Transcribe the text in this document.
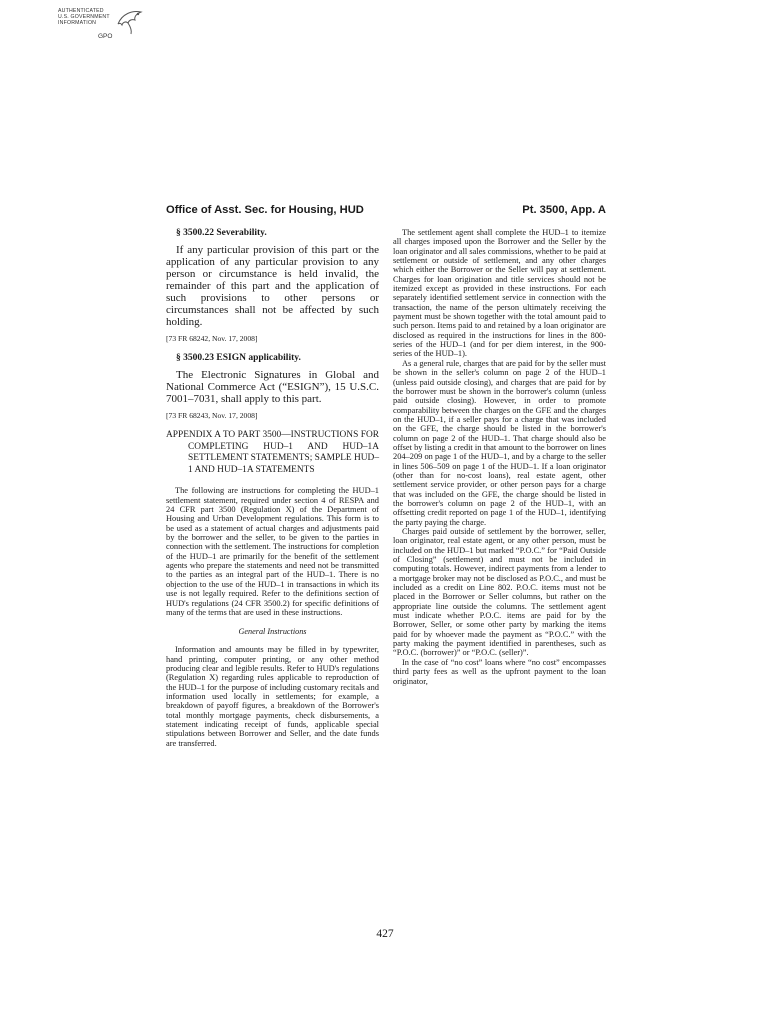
AUTHENTICATED
U.S. GOVERNMENT
INFORMATION
GPO
Office of Asst. Sec. for Housing, HUD	Pt. 3500, App. A

§ 3500.22 Severability.

If any particular provision of this part or the application of any particular provision to any person or circumstance is held invalid, the remainder of this part and the application of such provisions to other persons or circumstances shall not be affected by such holding.

[73 FR 68242, Nov. 17, 2008]

§ 3500.23 ESIGN applicability.

The Electronic Signatures in Global and National Commerce Act (“ESIGN”), 15 U.S.C. 7001–7031, shall apply to this part.

[73 FR 68243, Nov. 17, 2008]

APPENDIX A TO PART 3500—INSTRUCTIONS FOR COMPLETING HUD–1 AND HUD–1A SETTLEMENT STATEMENTS; SAMPLE HUD–1 AND HUD–1A STATEMENTS

The following are instructions for completing the HUD–1 settlement statement, required under section 4 of RESPA and 24 CFR part 3500 (Regulation X) of the Department of Housing and Urban Development regulations. This form is to be used as a statement of actual charges and adjustments paid by the borrower and the seller, to be given to the parties in connection with the settlement. The instructions for completion of the HUD–1 are primarily for the benefit of the settlement agents who prepare the statements and need not be transmitted to the parties as an integral part of the HUD–1. There is no objection to the use of the HUD–1 in transactions in which its use is not legally required. Refer to the definitions section of HUD's regulations (24 CFR 3500.2) for specific definitions of many of the terms that are used in these instructions.

General Instructions

Information and amounts may be filled in by typewriter, hand printing, computer printing, or any other method producing clear and legible results. Refer to HUD's regulations (Regulation X) regarding rules applicable to reproduction of the HUD–1 for the purpose of including customary recitals and information used locally in settlements; for example, a breakdown of payoff figures, a breakdown of the Borrower's total monthly mortgage payments, check disbursements, a statement indicating receipt of funds, applicable special stipulations between Borrower and Seller, and the date funds are transferred.

The settlement agent shall complete the HUD–1 to itemize all charges imposed upon the Borrower and the Seller by the loan originator and all sales commissions, whether to be paid at settlement or outside of settlement, and any other charges which either the Borrower or the Seller will pay at settlement. Charges for loan origination and title services should not be itemized except as provided in these instructions. For each separately identified settlement service in connection with the transaction, the name of the person ultimately receiving the payment must be shown together with the total amount paid to such person. Items paid to and retained by a loan originator are disclosed as required in the instructions for lines in the 800-series of the HUD–1 (and for per diem interest, in the 900-series of the HUD–1).

As a general rule, charges that are paid for by the seller must be shown in the seller's column on page 2 of the HUD–1 (unless paid outside closing), and charges that are paid for by the borrower must be shown in the borrower's column (unless paid outside closing). However, in order to promote comparability between the charges on the GFE and the charges on the HUD–1, if a seller pays for a charge that was included on the GFE, the charge should be listed in the borrower's column on page 2 of the HUD–1. That charge should also be offset by listing a credit in that amount to the borrower on lines 204–209 on page 1 of the HUD–1, and by a charge to the seller in lines 506–509 on page 1 of the HUD–1. If a loan originator (other than for no-cost loans), real estate agent, other settlement service provider, or other person pays for a charge that was included on the GFE, the charge should be listed in the borrower's column on page 2 of the HUD–1, with an offsetting credit reported on page 1 of the HUD–1, identifying the party paying the charge.

Charges paid outside of settlement by the borrower, seller, loan originator, real estate agent, or any other person, must be included on the HUD–1 but marked “P.O.C.” for “Paid Outside of Closing” (settlement) and must not be included in computing totals. However, indirect payments from a lender to a mortgage broker may not be disclosed as P.O.C., and must be included as a credit on Line 802. P.O.C. items must not be placed in the Borrower or Seller columns, but rather on the appropriate line outside the columns. The settlement agent must indicate whether P.O.C. items are paid for by the Borrower, Seller, or some other party by marking the items paid for by whoever made the payment as “P.O.C.” with the party making the payment identified in parentheses, such as “P.O.C. (borrower)” or “P.O.C. (seller)”.

In the case of “no cost” loans where “no cost” encompasses third party fees as well as the upfront payment to the loan originator,

427
